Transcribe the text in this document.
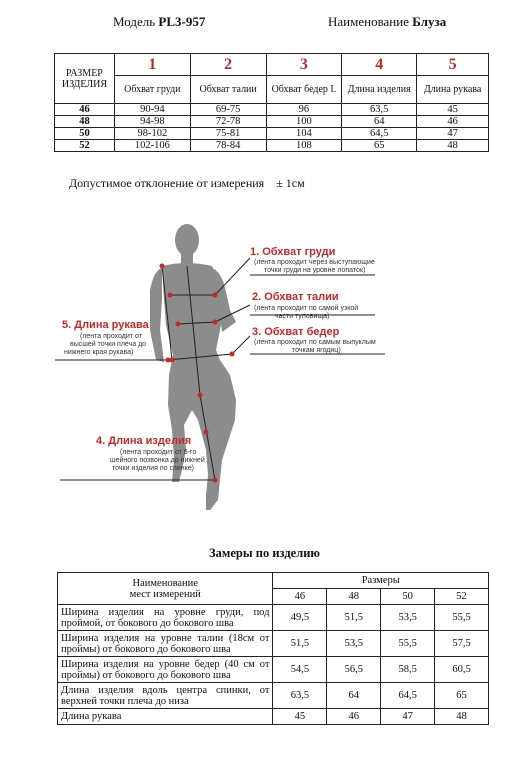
Модель PL3-957	Наименование Блуза
РАЗМЕР ИЗДЕЛИЯ	1	2	3	4	5
	Обхват груди	Обхват талии	Обхват бедер I.	Длина изделия	Длина рукава
46	90-94	69-75	96	63,5	45
48	94-98	72-78	100	64	46
50	98-102	75-81	104	64,5	47
52	102-106	78-84	108	65	48
Допустимое отклонение от измерения ± 1см
1. Обхват груди
(лента проходит через выступающие
точки груди на уровне лопаток)
2. Обхват талии
(лента проходит по самой узкой
части туловища)
3. Обхват бедер
(лента проходит по самым выпуклым
точкам ягодиц)
5. Длина рукава
(лента проходит от
высшей точки плеча до
нижнего края рукава)
4. Длина изделия
(лента проходит от 6-го
шейного позвонка до нижней
точки изделия по спинке)
Замеры по изделию
Наименование
мест измерений	Размеры			
	46	48	50	52
Ширина изделия на уровне груди, под проймой, от бокового до бокового шва	49,5	51,5	53,5	55,5
Ширина изделия на уровне талии (18см от проймы) от бокового до бокового шва	51,5	53,5	55,5	57,5
Ширина изделия на уровне бедер (40 см от проймы) от бокового до бокового шва	54,5	56,5	58,5	60,5
Длина изделия вдоль центра спинки, от верхней точки плеча до низа	63,5	64	64,5	65
Длина рукава	45	46	47	48
